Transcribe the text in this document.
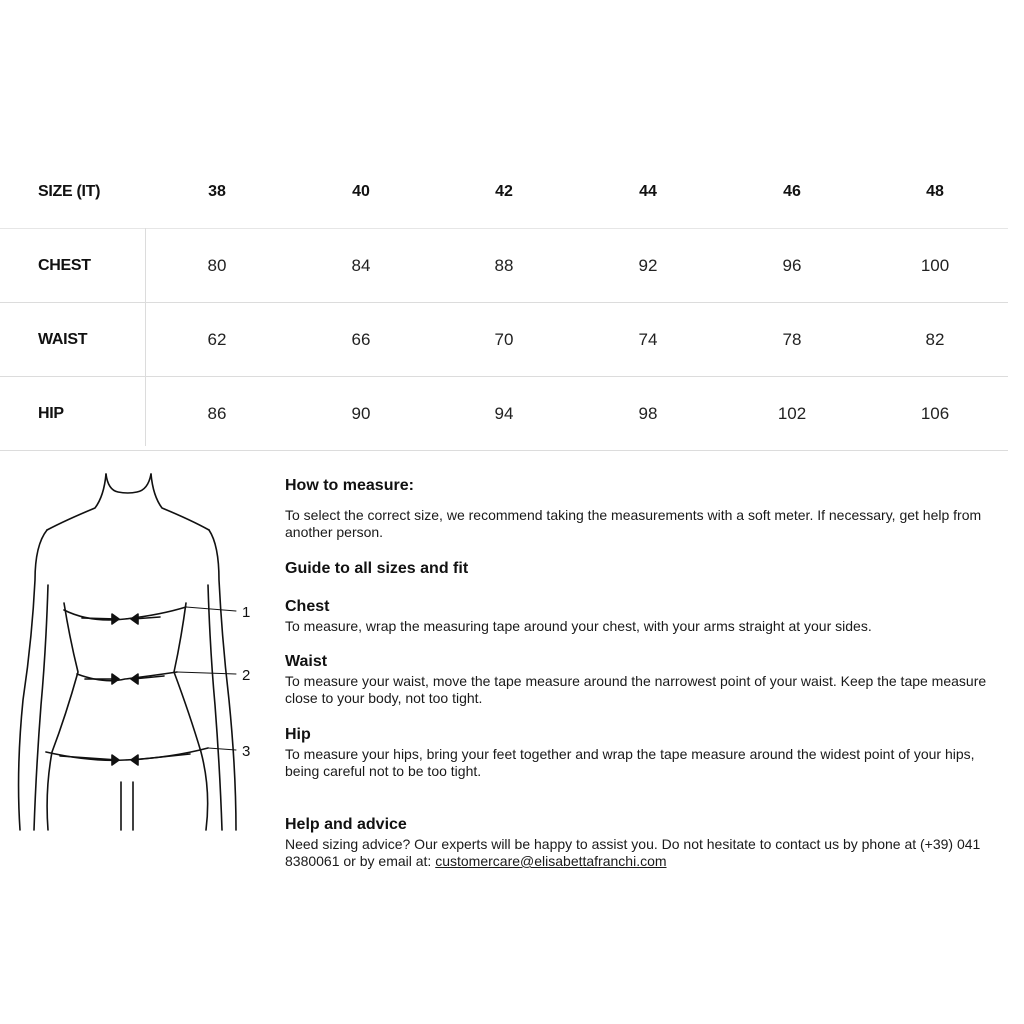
SIZE (IT)	38	40	42	44	46	48
CHEST	80	84	88	92	96	100
WAIST	62	66	70	74	78	82
HIP	86	90	94	98	102	106
1
2
3
How to measure:
To select the correct size, we recommend taking the measurements with a soft meter. If necessary, get help from another person.
Guide to all sizes and fit
Chest
To measure, wrap the measuring tape around your chest, with your arms straight at your sides.
Waist
To measure your waist, move the tape measure around the narrowest point of your waist. Keep the tape measure close to your body, not too tight.
Hip
To measure your hips, bring your feet together and wrap the tape measure around the widest point of your hips, being careful not to be too tight.
Help and advice
Need sizing advice? Our experts will be happy to assist you. Do not hesitate to contact us by phone at (+39) 041 8380061 or by email at: customercare@elisabettafranchi.com
